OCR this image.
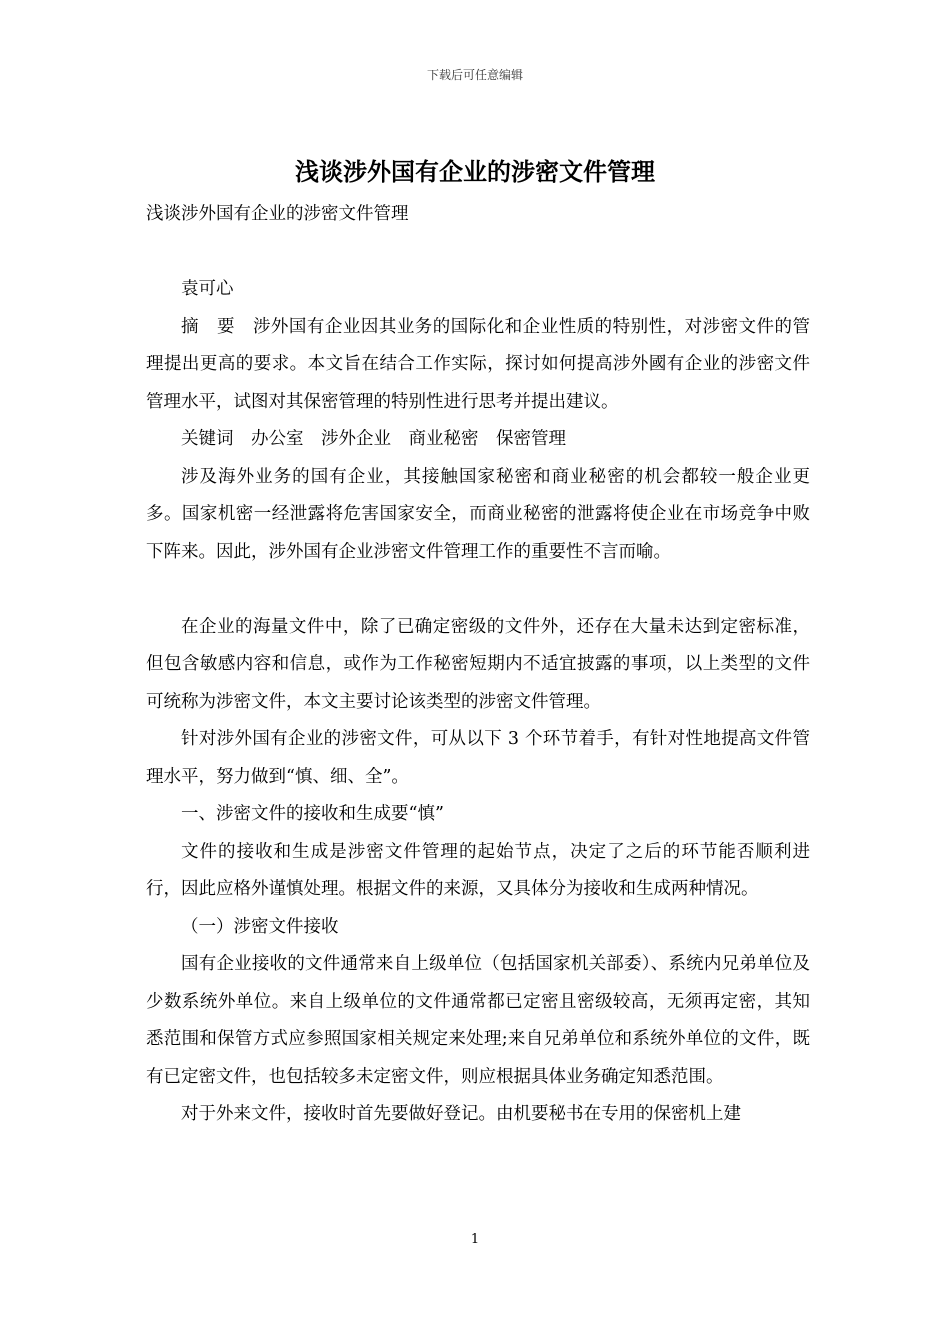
下载后可任意编辑
浅谈涉外国有企业的涉密文件管理

浅谈涉外国有企业的涉密文件管理

袁可心

摘　要　涉外国有企业因其业务的国际化和企业性质的特别性，对涉密文件的管理提出更高的要求。本文旨在结合工作实际，探讨如何提高涉外國有企业的涉密文件管理水平，试图对其保密管理的特别性进行思考并提出建议。

关键词　办公室　涉外企业　商业秘密　保密管理

涉及海外业务的国有企业，其接触国家秘密和商业秘密的机会都较一般企业更多。国家机密一经泄露将危害国家安全，而商业秘密的泄露将使企业在市场竞争中败下阵来。因此，涉外国有企业涉密文件管理工作的重要性不言而喻。

在企业的海量文件中，除了已确定密级的文件外，还存在大量未达到定密标准，但包含敏感内容和信息，或作为工作秘密短期内不适宜披露的事项，以上类型的文件可统称为涉密文件，本文主要讨论该类型的涉密文件管理。

针对涉外国有企业的涉密文件，可从以下 3 个环节着手，有针对性地提高文件管理水平，努力做到“慎、细、全”。

一、涉密文件的接收和生成要“慎”

文件的接收和生成是涉密文件管理的起始节点，决定了之后的环节能否顺利进行，因此应格外谨慎处理。根据文件的来源，又具体分为接收和生成两种情况。

（一）涉密文件接收

国有企业接收的文件通常来自上级单位（包括国家机关部委）、系统内兄弟单位及少数系统外单位。来自上级单位的文件通常都已定密且密级较高，无须再定密，其知悉范围和保管方式应参照国家相关规定来处理;来自兄弟单位和系统外单位的文件，既有已定密文件，也包括较多未定密文件，则应根据具体业务确定知悉范围。

对于外来文件，接收时首先要做好登记。由机要秘书在专用的保密机上建

1
